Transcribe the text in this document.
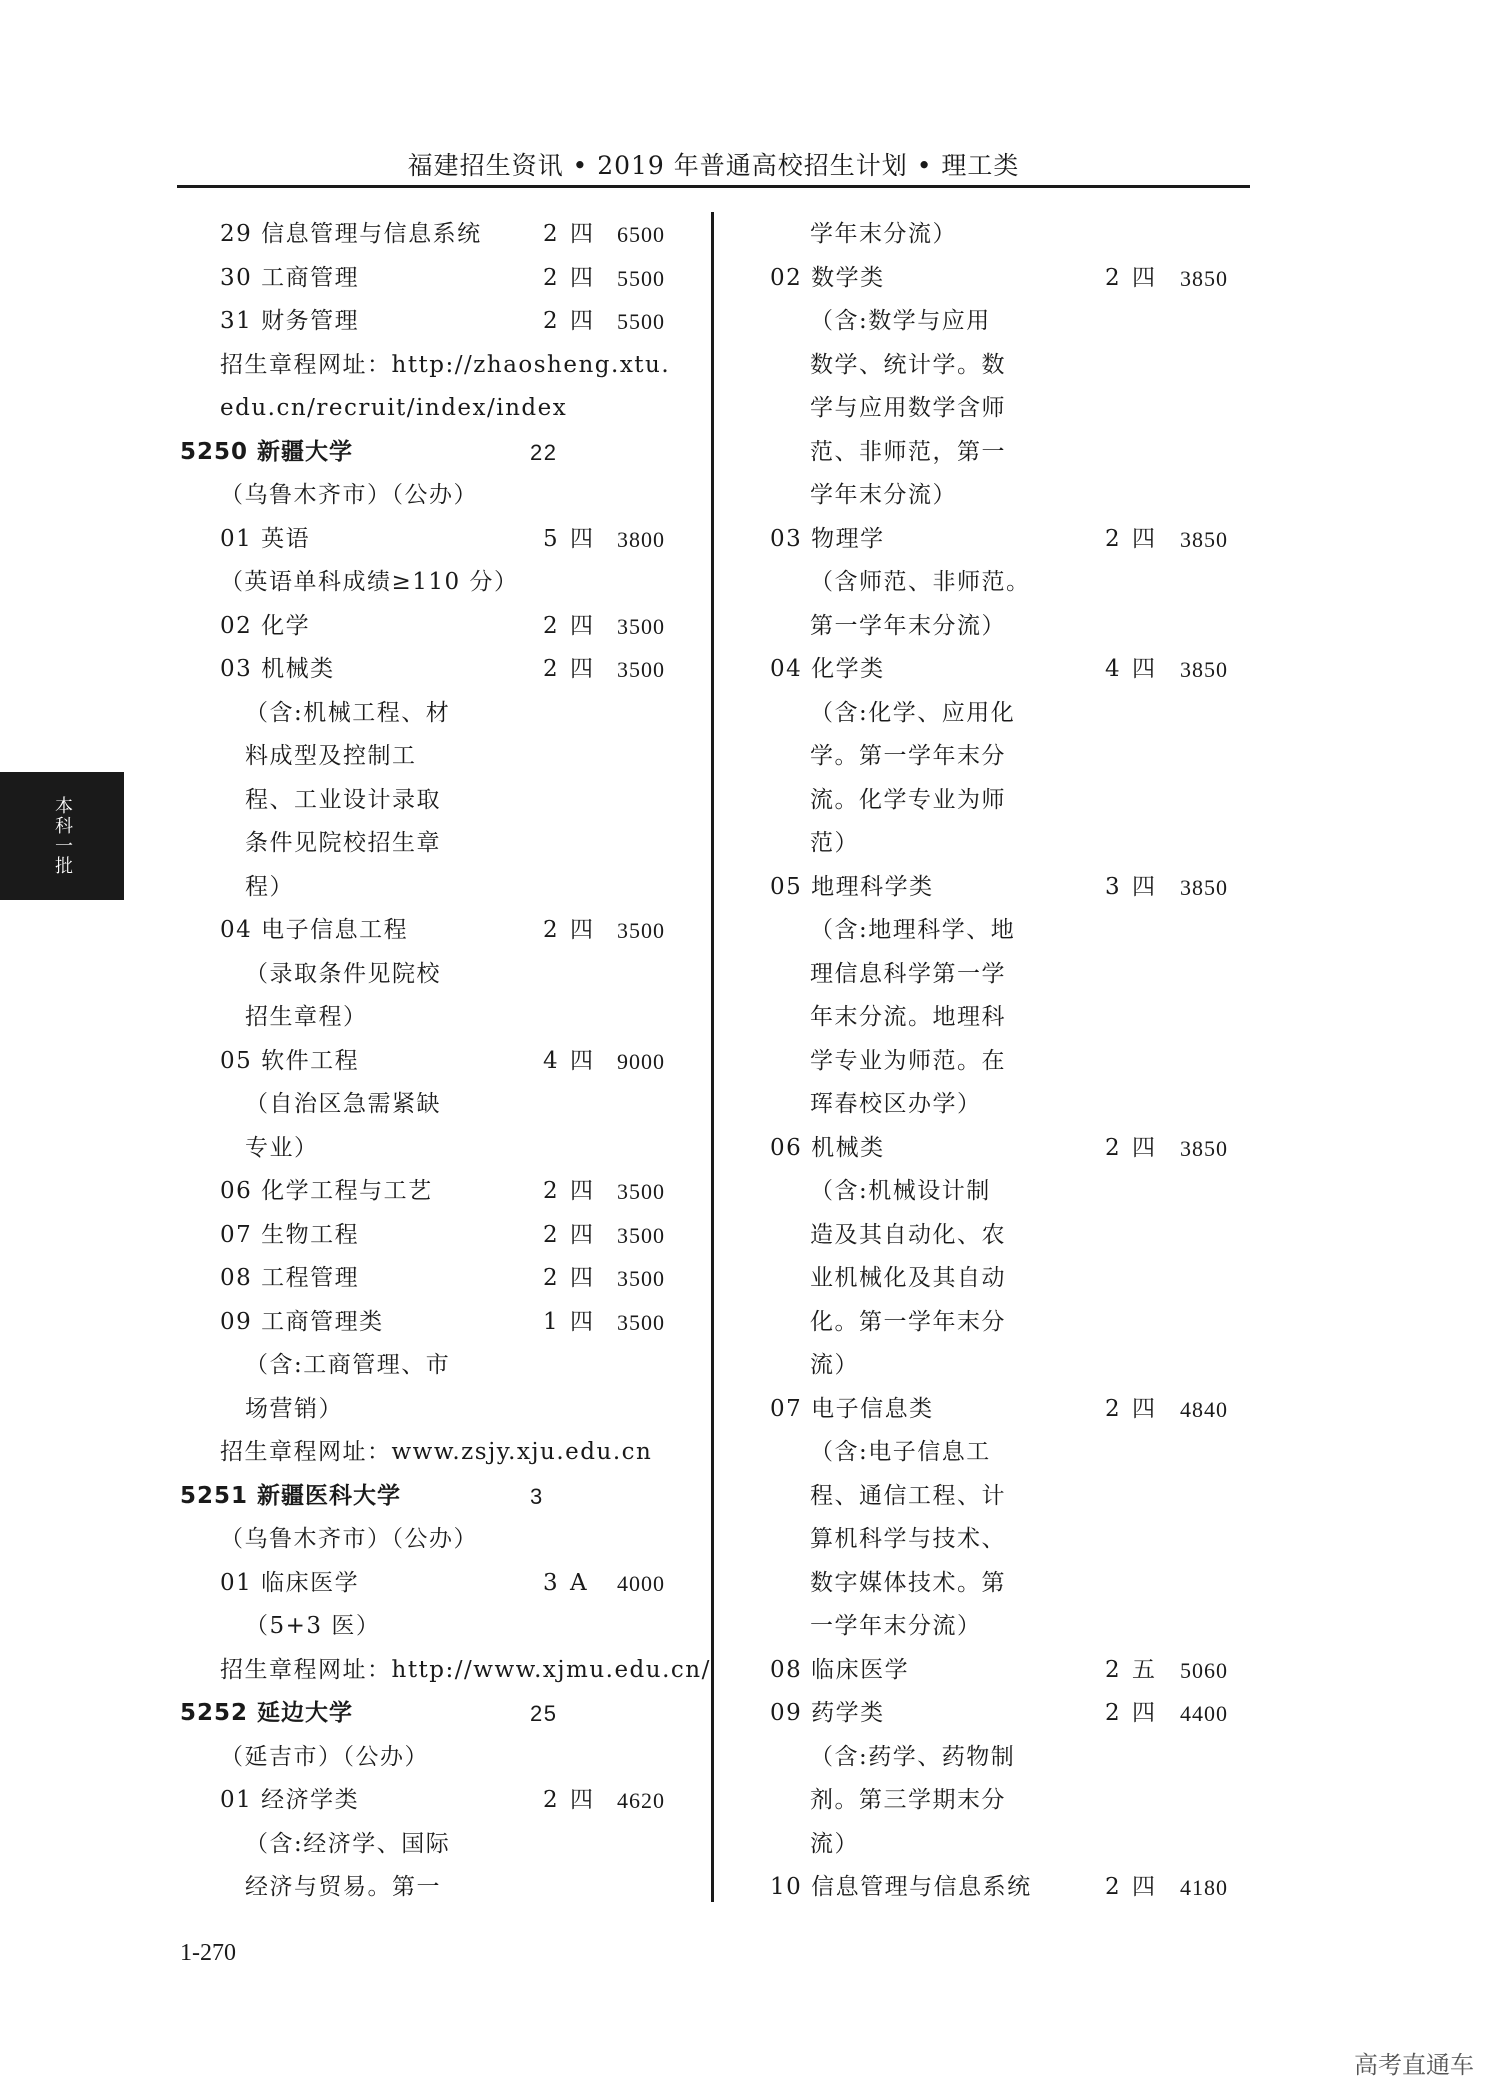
福建招生资讯 • 2019 年普通高校招生计划 • 理工类
29 信息管理与信息系统	2 四 6500
30 工商管理	2 四 5500
31 财务管理	2 四 5500
招生章程网址：http://zhaosheng.xtu.
edu.cn/recruit/index/index
5250 新疆大学	22
（乌鲁木齐市）（公办）
01 英语	5 四 3800
（英语单科成绩≥110 分）
02 化学	2 四 3500
03 机械类	2 四 3500
（含:机械工程、材
料成型及控制工
程、工业设计录取
条件见院校招生章
程）
04 电子信息工程	2 四 3500
（录取条件见院校
招生章程）
05 软件工程	4 四 9000
（自治区急需紧缺
专业）
06 化学工程与工艺	2 四 3500
07 生物工程	2 四 3500
08 工程管理	2 四 3500
09 工商管理类	1 四 3500
（含:工商管理、市
场营销）
招生章程网址：www.zsjy.xju.edu.cn
5251 新疆医科大学	3
（乌鲁木齐市）（公办）
01 临床医学	3 A 4000
（5+3 医）
招生章程网址：http://www.xjmu.edu.cn/
5252 延边大学	25
（延吉市）（公办）
01 经济学类	2 四 4620
（含:经济学、国际
经济与贸易。第一
学年末分流）
02 数学类	2 四 3850
（含:数学与应用
数学、统计学。数
学与应用数学含师
范、非师范，第一
学年末分流）
03 物理学	2 四 3850
（含师范、非师范。
第一学年末分流）
04 化学类	4 四 3850
（含:化学、应用化
学。第一学年末分
流。化学专业为师
范）
05 地理科学类	3 四 3850
（含:地理科学、地
理信息科学第一学
年末分流。地理科
学专业为师范。在
珲春校区办学）
06 机械类	2 四 3850
（含:机械设计制
造及其自动化、农
业机械化及其自动
化。第一学年末分
流）
07 电子信息类	2 四 4840
（含:电子信息工
程、通信工程、计
算机科学与技术、
数字媒体技术。第
一学年末分流）
08 临床医学	2 五 5060
09 药学类	2 四 4400
（含:药学、药物制
剂。第三学期末分
流）
10 信息管理与信息系统	2 四 4180
本科一批
1-270
高考直通车
